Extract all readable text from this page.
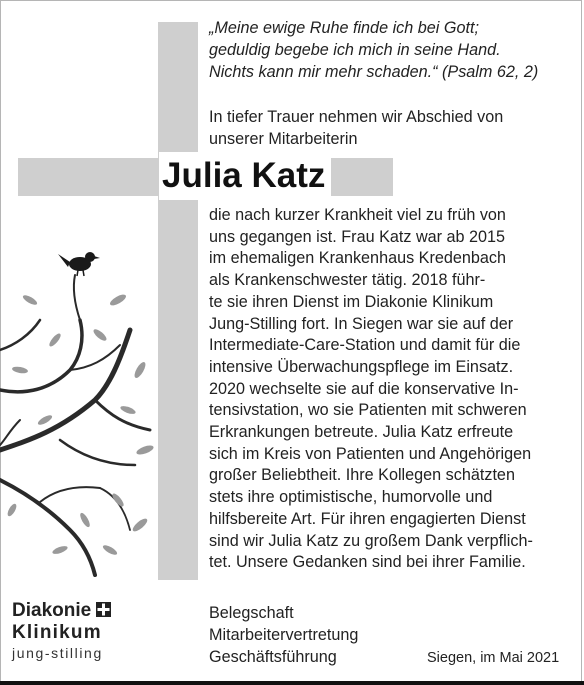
„Meine ewige Ruhe finde ich bei Gott;
geduldig begebe ich mich in seine Hand.
Nichts kann mir mehr schaden.“ (Psalm 62, 2)
In tiefer Trauer nehmen wir Abschied von
unserer Mitarbeiterin
Julia Katz
die nach kurzer Krankheit viel zu früh von
uns gegangen ist. Frau Katz war ab 2015
im ehemaligen Krankenhaus Kredenbach
als Krankenschwester tätig. 2018 führ-
te sie ihren Dienst im Diakonie Klinikum
Jung-Stilling fort. In Siegen war sie auf der
Intermediate-Care-Station und damit für die
intensive Überwachungspflege im Einsatz.
2020 wechselte sie auf die konservative In-
tensivstation, wo sie Patienten mit schweren
Erkrankungen betreute. Julia Katz erfreute
sich im Kreis von Patienten und Angehörigen
großer Beliebtheit. Ihre Kollegen schätzten
stets ihre optimistische, humorvolle und
hilfsbereite Art. Für ihren engagierten Dienst
sind wir Julia Katz zu großem Dank verpflich-
tet. Unsere Gedanken sind bei ihrer Familie.
Belegschaft
Mitarbeitervertretung
Geschäftsführung	Siegen, im Mai 2021
Diakonie
Klinikum
jung-stilling
